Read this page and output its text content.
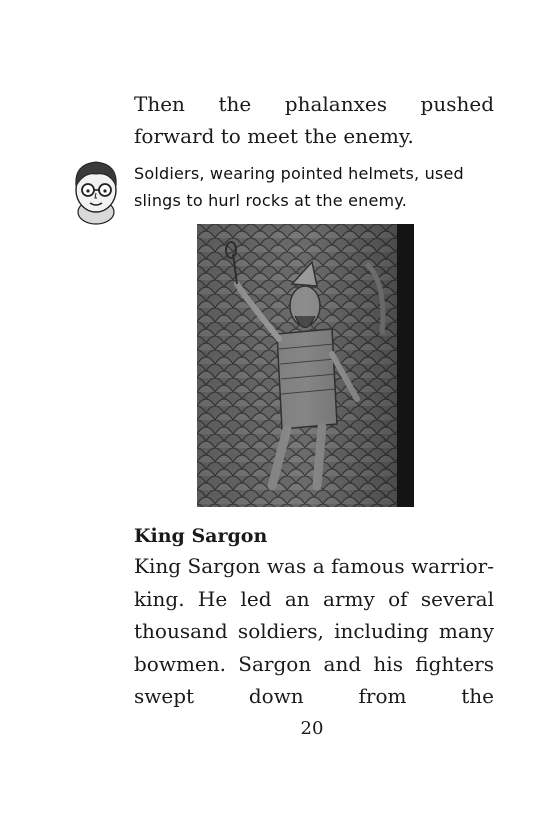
Then the phalanxes pushed forward to meet the enemy.

Soldiers, wearing pointed helmets, used slings to hurl rocks at the enemy.

King Sargon

King Sargon was a famous warrior-king. He led an army of several thousand soldiers, including many bowmen. Sargon and his fighters swept down from the

20
